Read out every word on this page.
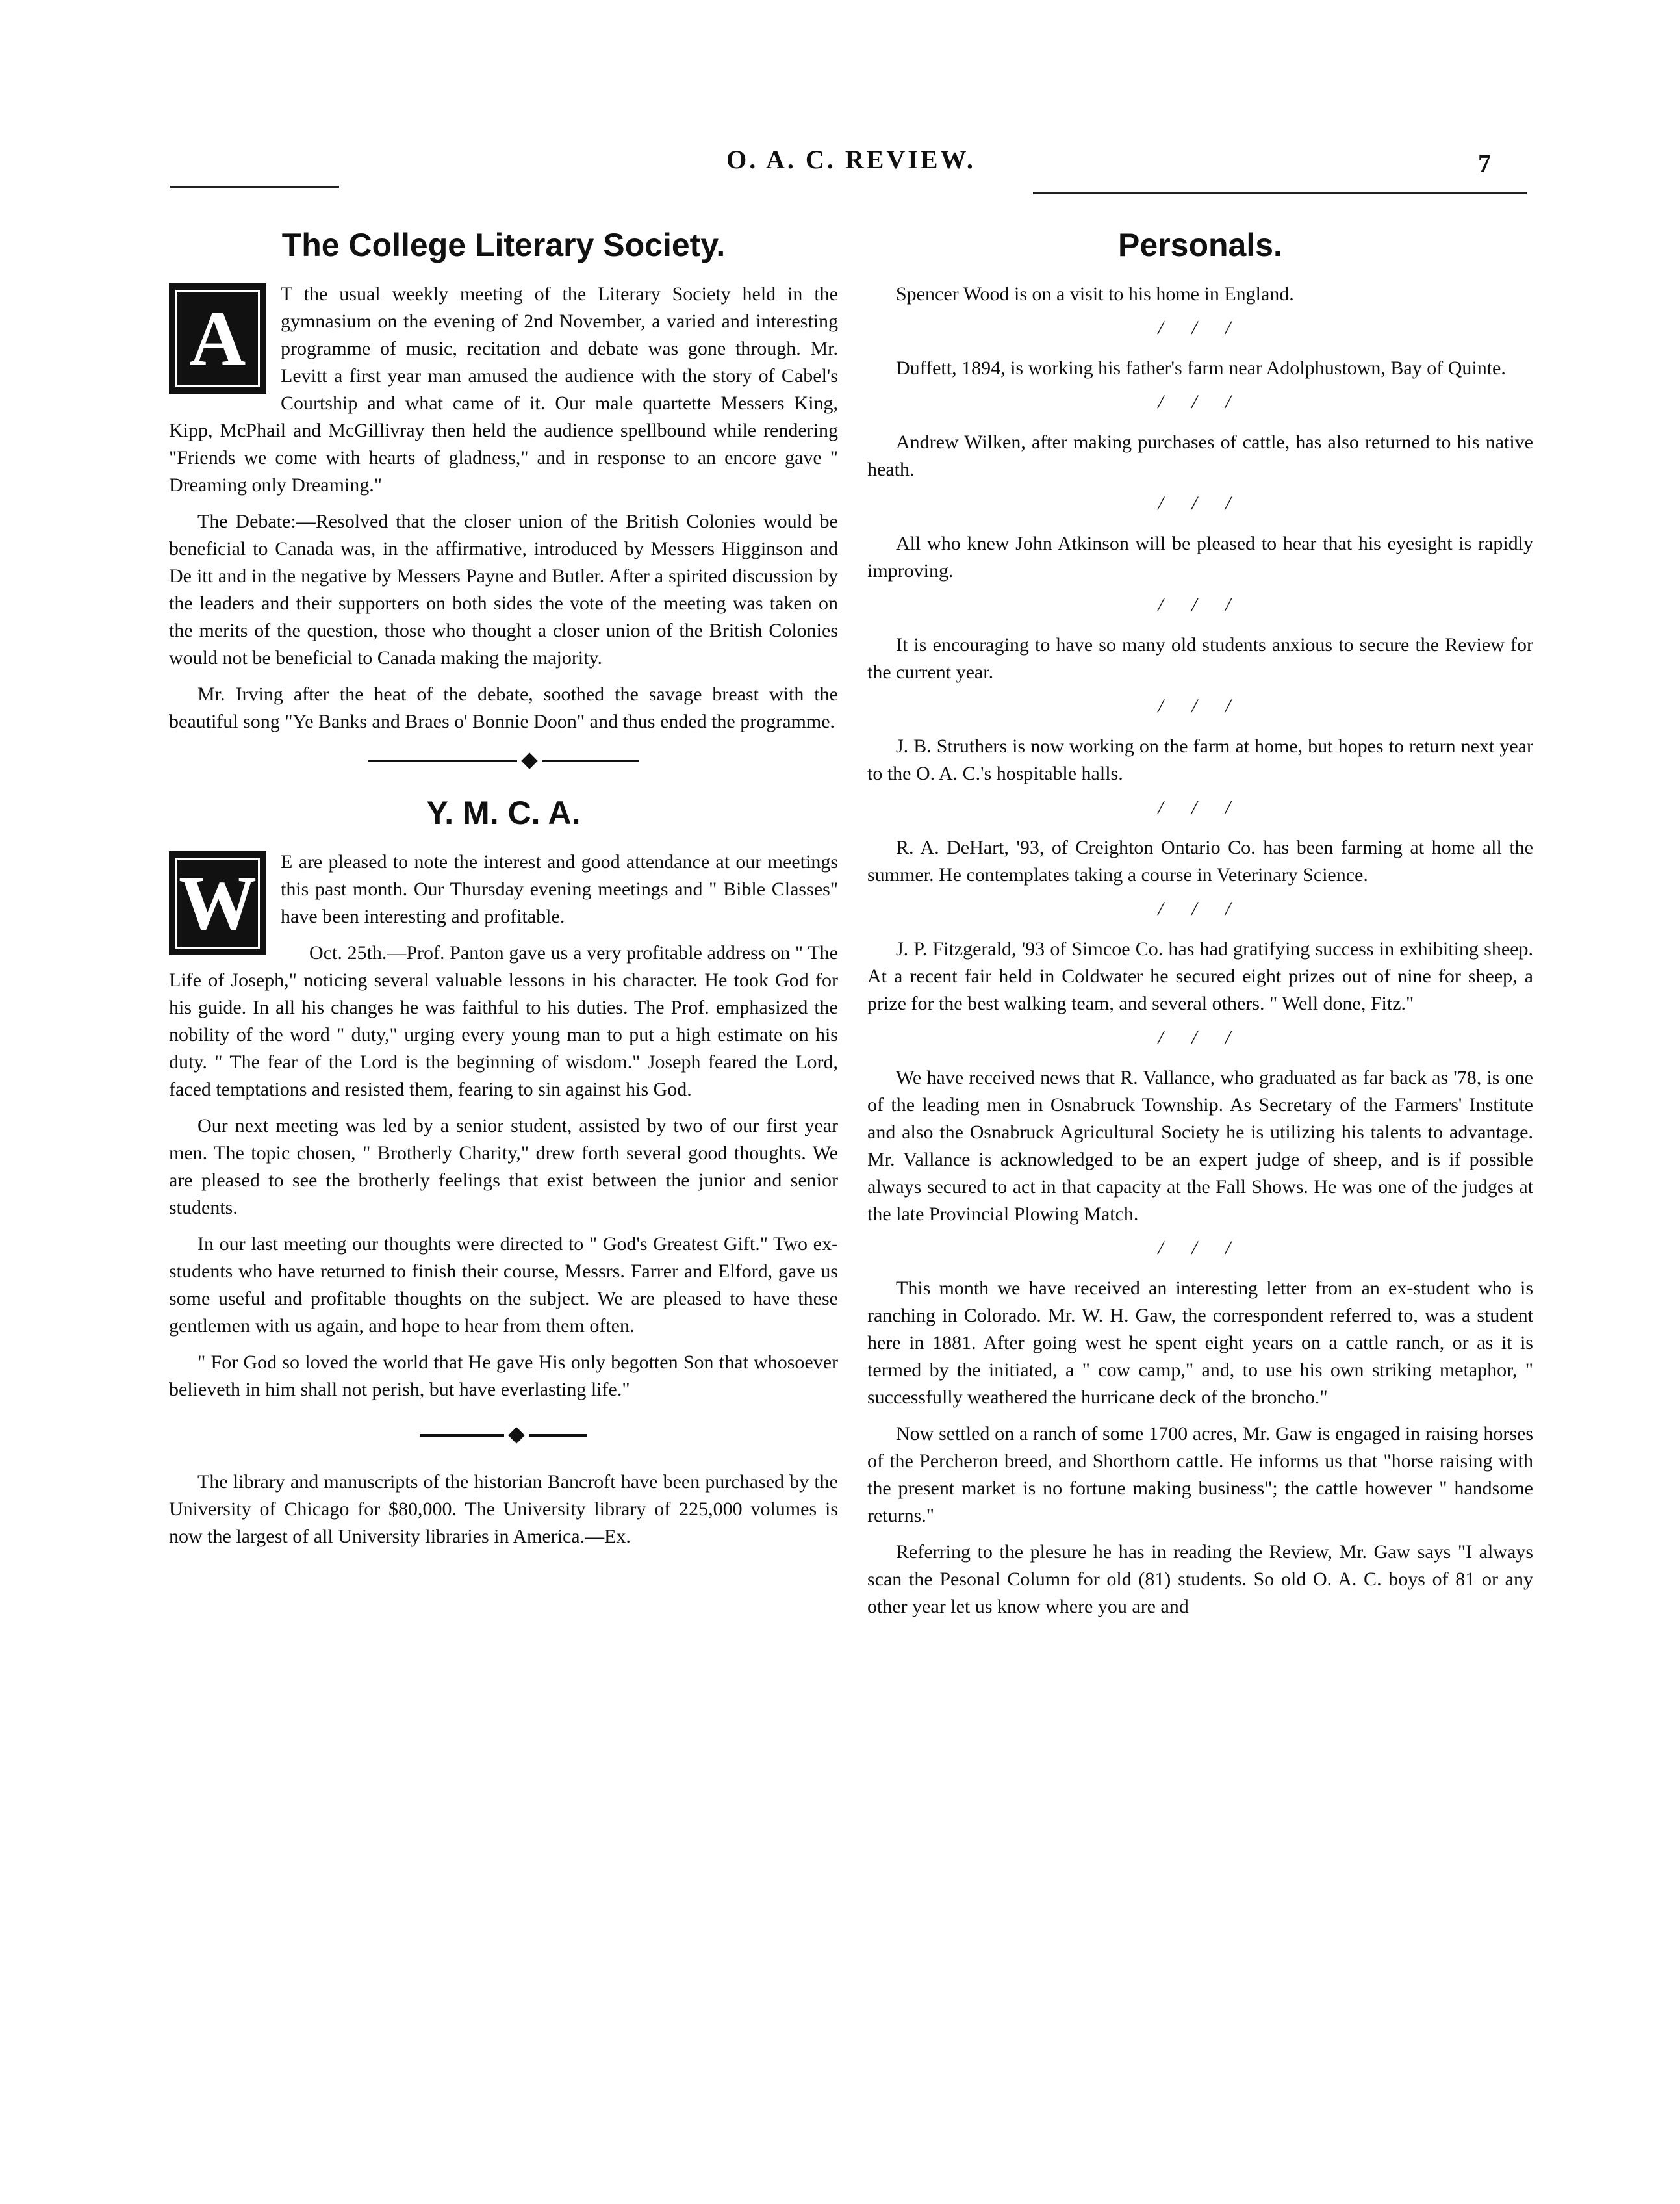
O. A. C. REVIEW.	7
The College Literary Society.
A

T the usual weekly meeting of the Literary Society held in the gymnasium on the evening of 2nd November, a varied and interesting programme of music, recitation and debate was gone through. Mr. Levitt a first year man amused the audience with the story of Cabel's Courtship and what came of it. Our male quartette Messers King, Kipp, McPhail and McGillivray then held the audience spellbound while rendering "Friends we come with hearts of gladness," and in response to an encore gave " Dreaming only Dreaming."

The Debate:—Resolved that the closer union of the British Colonies would be beneficial to Canada was, in the affirmative, introduced by Messers Higginson and De itt and in the negative by Messers Payne and Butler. After a spirited discussion by the leaders and their supporters on both sides the vote of the meeting was taken on the merits of the question, those who thought a closer union of the British Colonies would not be beneficial to Canada making the majority.

Mr. Irving after the heat of the debate, soothed the savage breast with the beautiful song "Ye Banks and Braes o' Bonnie Doon" and thus ended the programme.

Y. M. C. A.
W	E are pleased to note the interest and good attendance at our meetings this past month. Our Thursday evening meetings and " Bible Classes" have been interesting and profitable.

Oct. 25th.—Prof. Panton gave us a very profitable address on " The Life of Joseph," noticing several valuable lessons in his character. He took God for his guide. In all his changes he was faithful to his duties. The Prof. emphasized the nobility of the word " duty," urging every young man to put a high estimate on his duty. " The fear of the Lord is the beginning of wisdom." Joseph feared the Lord, faced temptations and resisted them, fearing to sin against his God.

Our next meeting was led by a senior student, assisted by two of our first year men. The topic chosen, " Brotherly Charity," drew forth several good thoughts. We are pleased to see the brotherly feelings that exist between the junior and senior students.

In our last meeting our thoughts were directed to " God's Greatest Gift." Two ex-students who have returned to finish their course, Messrs. Farrer and Elford, gave us some useful and profitable thoughts on the subject. We are pleased to have these gentlemen with us again, and hope to hear from them often.

" For God so loved the world that He gave His only begotten Son that whosoever believeth in him shall not perish, but have everlasting life."

The library and manuscripts of the historian Bancroft have been purchased by the University of Chicago for $80,000. The University library of 225,000 volumes is now the largest of all University libraries in America.—Ex.

Personals.

Spencer Wood is on a visit to his home in England.

/ / /

Duffett, 1894, is working his father's farm near Adolphustown, Bay of Quinte.

/ / /

Andrew Wilken, after making purchases of cattle, has also returned to his native heath.

/ / /

All who knew John Atkinson will be pleased to hear that his eyesight is rapidly improving.

/ / /

It is encouraging to have so many old students anxious to secure the Review for the current year.

/ / /

J. B. Struthers is now working on the farm at home, but hopes to return next year to the O. A. C.'s hospitable halls.

/ / /

R. A. DeHart, '93, of Creighton Ontario Co. has been farming at home all the summer. He contemplates taking a course in Veterinary Science.

/ / /

J. P. Fitzgerald, '93 of Simcoe Co. has had gratifying success in exhibiting sheep. At a recent fair held in Coldwater he secured eight prizes out of nine for sheep, a prize for the best walking team, and several others. " Well done, Fitz."

/ / /

We have received news that R. Vallance, who graduated as far back as '78, is one of the leading men in Osnabruck Township. As Secretary of the Farmers' Institute and also the Osnabruck Agricultural Society he is utilizing his talents to advantage. Mr. Vallance is acknowledged to be an expert judge of sheep, and is if possible always secured to act in that capacity at the Fall Shows. He was one of the judges at the late Provincial Plowing Match.

/ / /

This month we have received an interesting letter from an ex-student who is ranching in Colorado. Mr. W. H. Gaw, the correspondent referred to, was a student here in 1881. After going west he spent eight years on a cattle ranch, or as it is termed by the initiated, a " cow camp," and, to use his own striking metaphor, " successfully weathered the hurricane deck of the broncho."

Now settled on a ranch of some 1700 acres, Mr. Gaw is engaged in raising horses of the Percheron breed, and Shorthorn cattle. He informs us that "horse raising with the present market is no fortune making business"; the cattle however " handsome returns."

Referring to the plesure he has in reading the Review, Mr. Gaw says "I always scan the Pesonal Column for old (81) students. So old O. A. C. boys of 81 or any other year let us know where you are and
